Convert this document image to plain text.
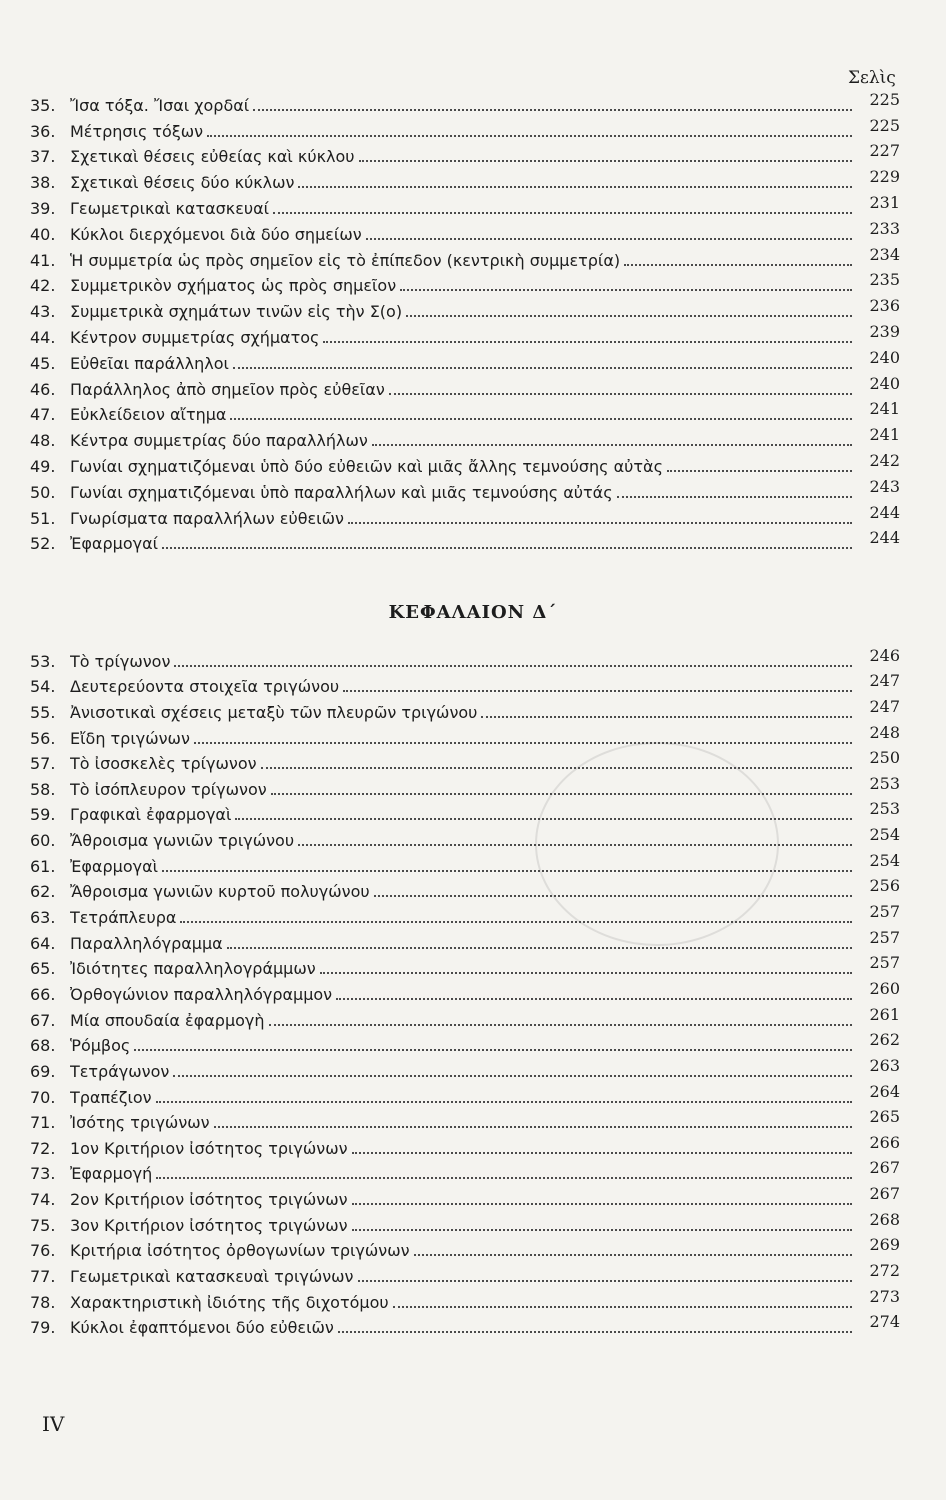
Σελὶς
35. Ἴσα τόξα. Ἴσαι χορδαί	225
36. Μέτρησις τόξων	225
37. Σχετικαὶ θέσεις εὐθείας καὶ κύκλου	227
38. Σχετικαὶ θέσεις δύο κύκλων	229
39. Γεωμετρικαὶ κατασκευαί	231
40. Κύκλοι διερχόμενοι διὰ δύο σημείων	233
41. Ἡ συμμετρία ὡς πρὸς σημεῖον εἰς τὸ ἐπίπεδον (κεντρικὴ συμμετρία)	234
42. Συμμετρικὸν σχήματος ὡς πρὸς σημεῖον	235
43. Συμμετρικὰ σχημάτων τινῶν εἰς τὴν Σ(ο)	236
44. Κέντρον συμμετρίας σχήματος	239
45. Εὐθεῖαι παράλληλοι	240
46. Παράλληλος ἀπὸ σημεῖον πρὸς εὐθεῖαν	240
47. Εὐκλείδειον αἴτημα	241
48. Κέντρα συμμετρίας δύο παραλλήλων	241
49. Γωνίαι σχηματιζόμεναι ὑπὸ δύο εὐθειῶν καὶ μιᾶς ἄλλης τεμνούσης αὐτὰς	242
50. Γωνίαι σχηματιζόμεναι ὑπὸ παραλλήλων καὶ μιᾶς τεμνούσης αὐτάς	243
51. Γνωρίσματα παραλλήλων εὐθειῶν	244
52. Ἐφαρμογαί	244
ΚΕΦΑΛΑΙΟΝ Δ΄
53. Τὸ τρίγωνον	246
54. Δευτερεύοντα στοιχεῖα τριγώνου	247
55. Ἀνισοτικαὶ σχέσεις μεταξὺ τῶν πλευρῶν τριγώνου	247
56. Εἴδη τριγώνων	248
57. Τὸ ἰσοσκελὲς τρίγωνον	250
58. Τὸ ἰσόπλευρον τρίγωνον	253
59. Γραφικαὶ ἐφαρμογαὶ	253
60. Ἄθροισμα γωνιῶν τριγώνου	254
61. Ἐφαρμογαὶ	254
62. Ἄθροισμα γωνιῶν κυρτοῦ πολυγώνου	256
63. Τετράπλευρα	257
64. Παραλληλόγραμμα	257
65. Ἰδιότητες παραλληλογράμμων	257
66. Ὀρθογώνιον παραλληλόγραμμον	260
67. Μία σπουδαία ἐφαρμογὴ	261
68. Ῥόμβος	262
69. Τετράγωνον	263
70. Τραπέζιον	264
71. Ἰσότης τριγώνων	265
72. 1ον Κριτήριον ἰσότητος τριγώνων	266
73. Ἐφαρμογή	267
74. 2ον Κριτήριον ἰσότητος τριγώνων	267
75. 3ον Κριτήριον ἰσότητος τριγώνων	268
76. Κριτήρια ἰσότητος ὀρθογωνίων τριγώνων	269
77. Γεωμετρικαὶ κατασκευαὶ τριγώνων	272
78. Χαρακτηριστικὴ ἰδιότης τῆς διχοτόμου	273
79. Κύκλοι ἐφαπτόμενοι δύο εὐθειῶν	274
IV
